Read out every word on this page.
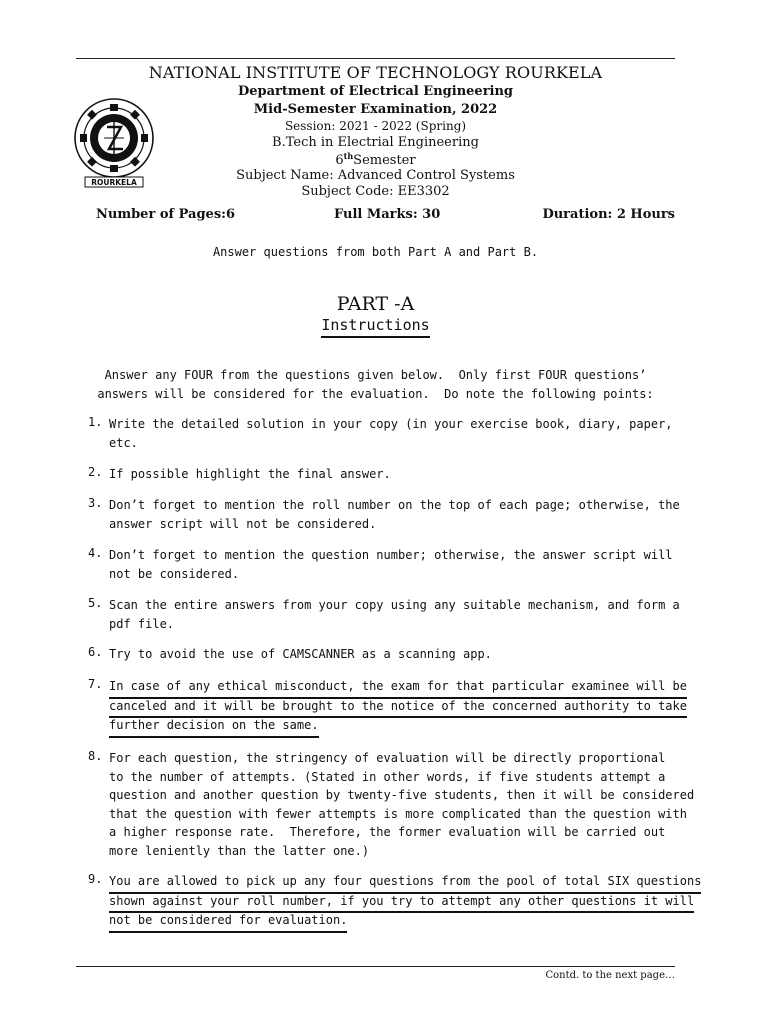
ROURKELA
NATIONAL INSTITUTE OF TECHNOLOGY ROURKELA
Department of Electrical Engineering
Mid-Semester Examination, 2022
Session: 2021 - 2022 (Spring)
B.Tech in Electrial Engineering
6thSemester
Subject Name: Advanced Control Systems
Subject Code: EE3302
Number of Pages:6	Full Marks: 30	Duration: 2 Hours
Answer questions from both Part A and Part B.
PART -A
Instructions
Answer any FOUR from the questions given below.  Only first FOUR questions’
answers will be considered for the evaluation.  Do note the following points:
1. Write the detailed solution in your copy (in your exercise book, diary, paper,
etc.
2. If possible highlight the final answer.
3. Don’t forget to mention the roll number on the top of each page; otherwise, the
answer script will not be considered.
4. Don’t forget to mention the question number; otherwise, the answer script will
not be considered.
5. Scan the entire answers from your copy using any suitable mechanism, and form a
pdf file.
6. Try to avoid the use of CAMSCANNER as a scanning app.
7. In case of any ethical misconduct, the exam for that particular examinee will be canceled and it will be brought to the notice of the concerned authority to take further decision on the same.
8. For each question, the stringency of evaluation will be directly proportional
to the number of attempts. (Stated in other words, if five students attempt a
question and another question by twenty-five students, then it will be considered
that the question with fewer attempts is more complicated than the question with
a higher response rate.  Therefore, the former evaluation will be carried out
more leniently than the latter one.)
9. You are allowed to pick up any four questions from the pool of total SIX questions shown against your roll number, if you try to attempt any other questions it will not be considered for evaluation.
Contd. to the next page…
